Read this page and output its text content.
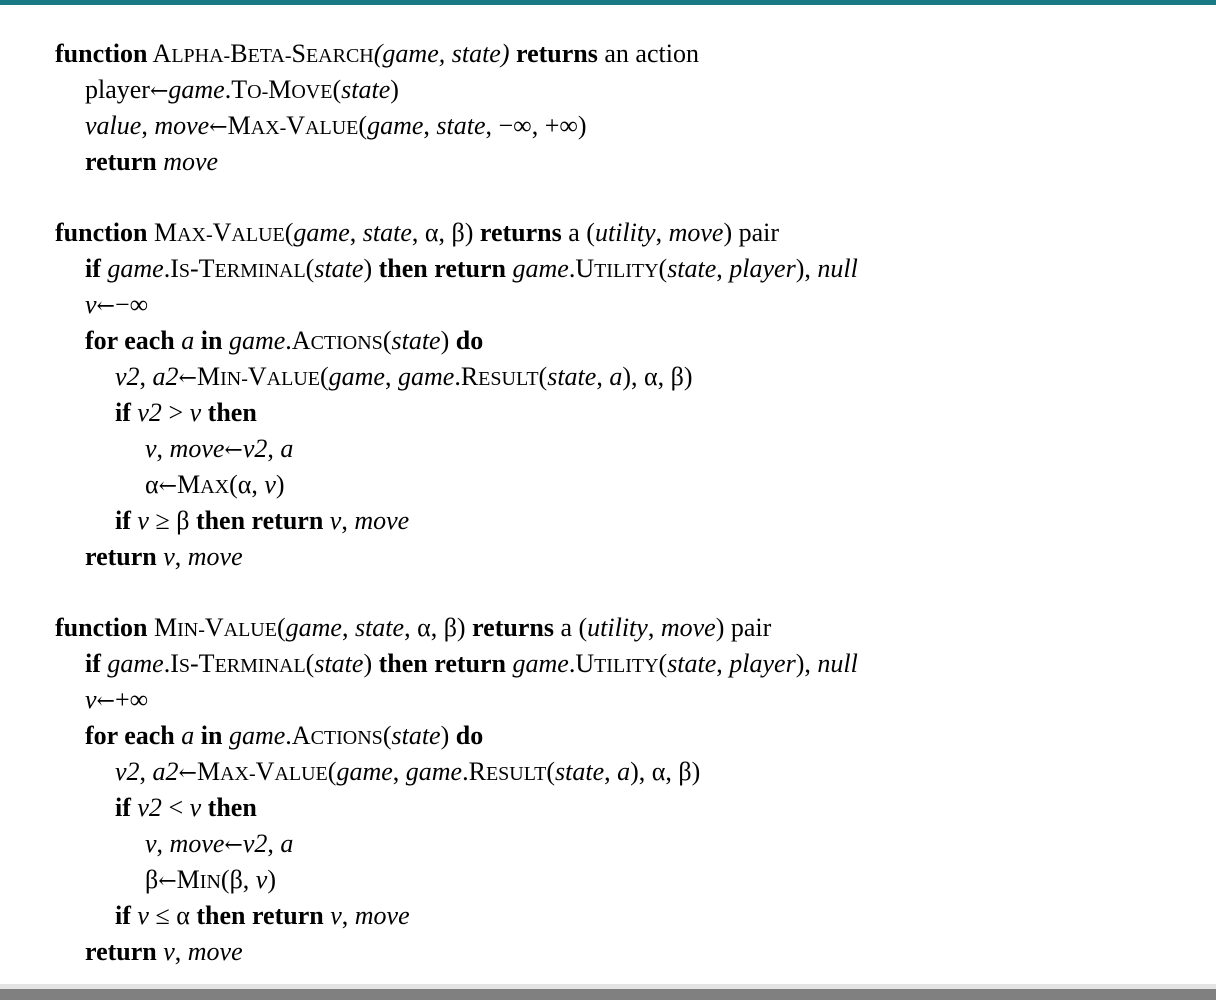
function ALPHA-BETA-SEARCH(game, state) returns an action
player←game.TO-MOVE(state)
value, move←MAX-VALUE(game, state, −∞, +∞)
return move
function MAX-VALUE(game, state, α, β) returns a (utility, move) pair
if game.IS-TERMINAL(state) then return game.UTILITY(state, player), null
v←−∞
for each a in game.ACTIONS(state) do
v2, a2←MIN-VALUE(game, game.RESULT(state, a), α, β)
if v2 > v then
v, move←v2, a
α←MAX(α, v)
if v ≥ β then return v, move
return v, move
function MIN-VALUE(game, state, α, β) returns a (utility, move) pair
if game.IS-TERMINAL(state) then return game.UTILITY(state, player), null
v←+∞
for each a in game.ACTIONS(state) do
v2, a2←MAX-VALUE(game, game.RESULT(state, a), α, β)
if v2 < v then
v, move←v2, a
β←MIN(β, v)
if v ≤ α then return v, move
return v, move
